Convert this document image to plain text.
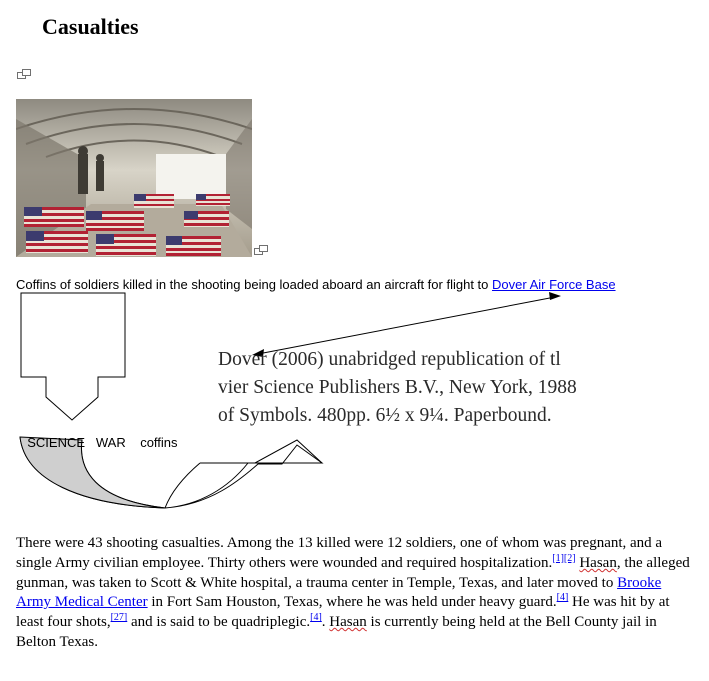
Casualties
Coffins of soldiers killed in the shooting being loaded aboard an aircraft for flight to Dover Air Force Base

SCIENCE WAR coffins

Dover (2006) unabridged republication of tl
vier Science Publishers B.V., New York, 1988
of Symbols. 480pp. 6½ x 9¼. Paperbound.
There were 43 shooting casualties. Among the 13 killed were 12 soldiers, one of whom was pregnant, and a single Army civilian employee. Thirty others were wounded and required hospitalization.[1][2] Hasan, the alleged gunman, was taken to Scott & White hospital, a trauma center in Temple, Texas, and later moved to Brooke Army Medical Center in Fort Sam Houston, Texas, where he was held under heavy guard.[4] He was hit by at least four shots,[27] and is said to be quadriplegic.[4]. Hasan is currently being held at the Bell County jail in Belton Texas.
